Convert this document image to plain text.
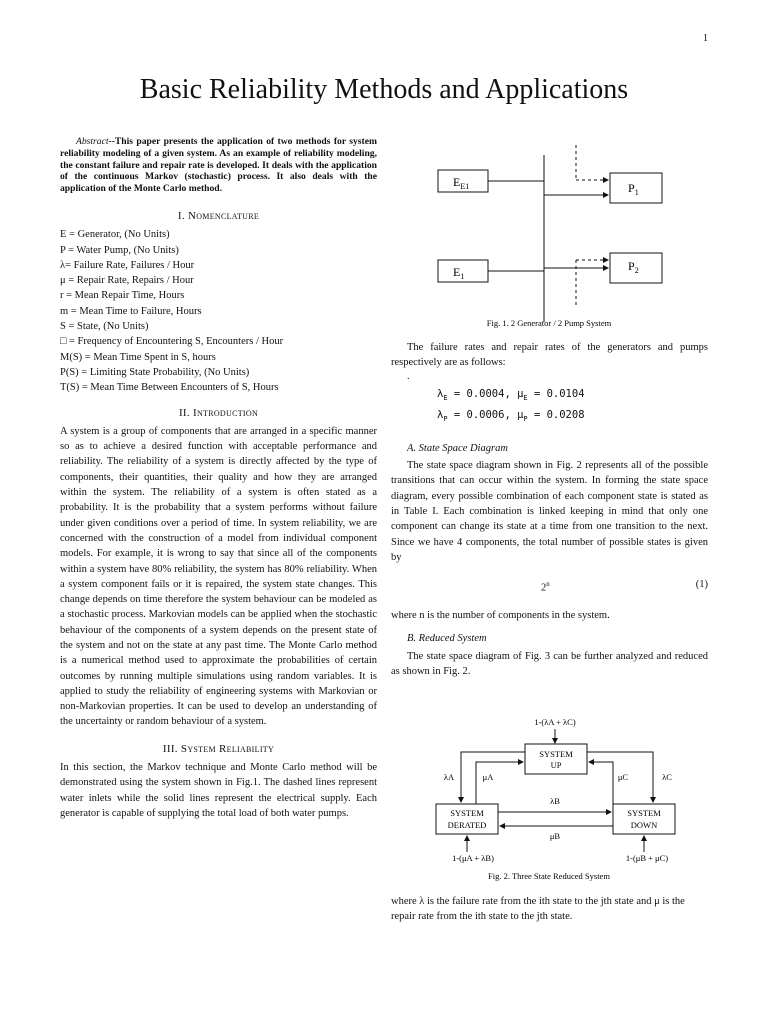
1
Basic Reliability Methods and Applications

Abstract--This paper presents the application of two methods for system reliability modeling of a given system. As an example of reliability modeling, the constant failure and repair rate is developed. It deals with the application of the continuous Markov (stochastic) process. It also deals with the application of the Monte Carlo method.

I. Nomenclature

E = Generator, (No Units)

P = Water Pump, (No Units)

λ= Failure Rate, Failures / Hour

μ = Repair Rate, Repairs / Hour

r = Mean Repair Time, Hours

m = Mean Time to Failure, Hours

S = State, (No Units)

□ = Frequency of Encountering S, Encounters / Hour

M(S) = Mean Time Spent in S, hours

P(S) = Limiting State Probability, (No Units)

T(S) = Mean Time Between Encounters of S, Hours

II. Introduction

A system is a group of components that are arranged in a specific manner so as to achieve a desired function with acceptable performance and reliability. The reliability of a system is directly affected by the type of components, their quantities, their quality and how they are arranged within the system. The reliability of a system is often stated as a probability. It is the probability that a system performs without failure under given conditions over a period of time. In system reliability, we are concerned with the construction of a model from individual component models. For example, it is wrong to say that since all of the components within a system have 80% reliability, the system has 80% reliability. When a system component fails or it is repaired, the system state changes. This change depends on time therefore the system behaviour can be modeled as a stochastic process. Markovian models can be applied when the stochastic behaviour of the components of a system depends on the present state of the system and not on the state at any past time. The Monte Carlo method is a numerical method used to approximate the probabilities of certain outcomes by running multiple simulations using random variables. It is applied to study the reliability of engineering systems with Markovian or non-Markovian properties. It can be used to develop an understanding of the uncertainty or random behaviour of a system.

III. System Reliability

In this section, the Markov technique and Monte Carlo method will be demonstrated using the system shown in Fig.1. The dashed lines represent water inlets while the solid lines represent the electrical supply. Each generator is capable of supplying the total load of both water pumps.

$E_{E1}$
$E_1$
$P_1$
$P_2$
Fig. 1. 2 Generator / 2 Pump System

The failure rates and repair rates of the generators and pumps respectively are as follows:

.

$\lambda_E = 0.0004$, $\mu_E = 0.0104$
$\lambda_P = 0.0006$, $\mu_P = 0.0208$
A. State Space Diagram

The state space diagram shown in Fig. 2 represents all of the possible transitions that can occur within the system. In forming the state space diagram, every possible combination of each component state is stated as in Table I. Each combination is linked keeping in mind that only one component can change its state at a time from one transition to the next. Since we have 4 components, the total number of possible states is given by

2$^n$	(1)

where n is the number of components in the system.

B. Reduced System

The state space diagram of Fig. 3 can be further analyzed and reduced as shown in Fig. 2.

1-(λA + λC)
SYSTEM
UP
SYSTEM
DERATED
SYSTEM
DOWN
λA	μA	μC	λC
λB
μB
1-(μA + λB)	1-(μB + μC)
Fig. 2. Three State Reduced System
where λ is the failure rate from the ith state to the jth state and μ is the repair rate from the ith state to the jth state.
